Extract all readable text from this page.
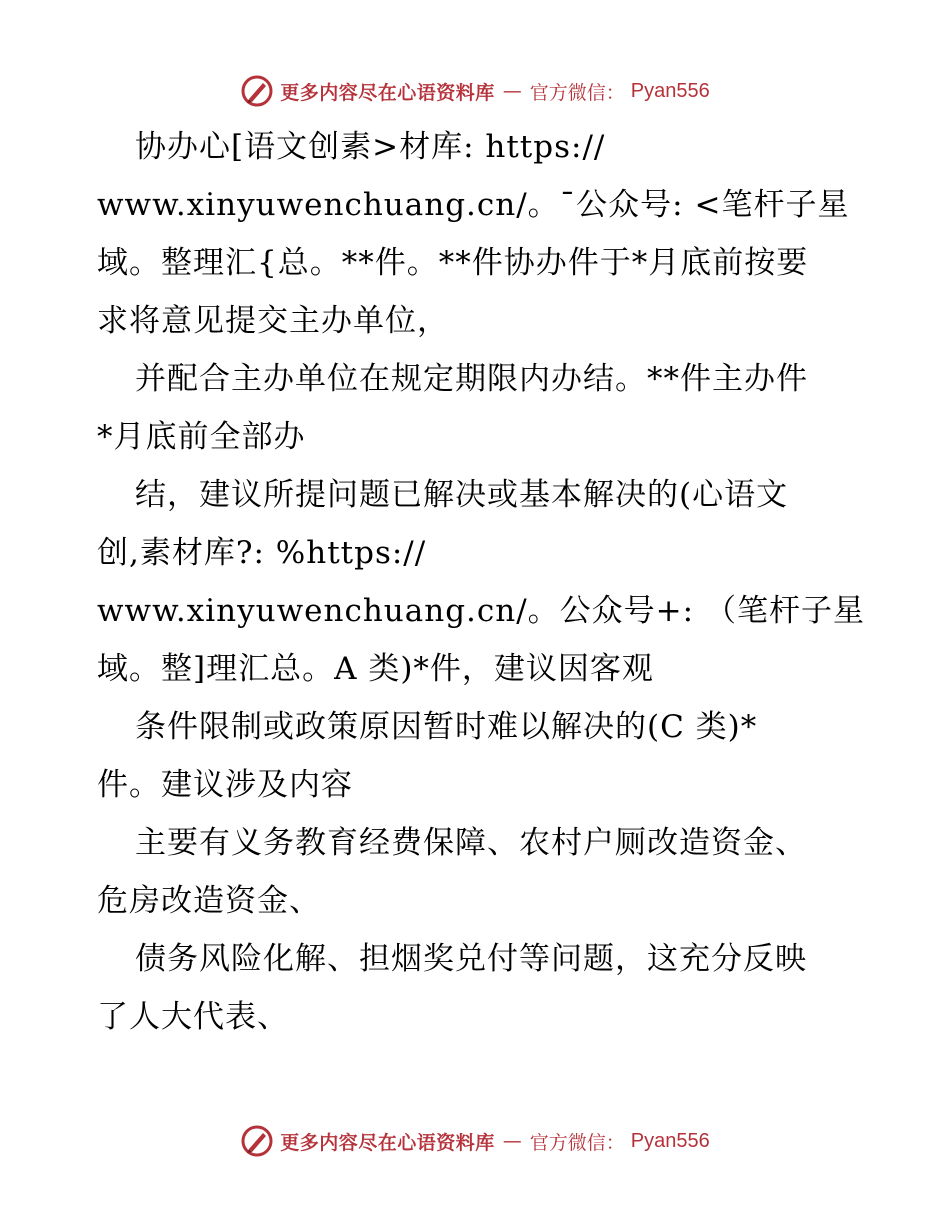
更多内容尽在心语资料库 — 官方微信： Pyan556
协办心[语文创素>材库: https://
www.xinyuwenchuang.cn/。¯公众号: <笔杆子星
域。整理汇{总。**件。**件协办件于*月底前按要
求将意见提交主办单位，
并配合主办单位在规定期限内办结。**件主办件
*月底前全部办
结，建议所提问题已解决或基本解决的(心语文
创,素材库?: %https://
www.xinyuwenchuang.cn/。公众号+: （笔杆子星
域。整]理汇总。A 类)*件，建议因客观
条件限制或政策原因暂时难以解决的(C 类)*
件。建议涉及内容
主要有义务教育经费保障、农村户厕改造资金、
危房改造资金、
债务风险化解、担烟奖兑付等问题，这充分反映
了人大代表、
更多内容尽在心语资料库 — 官方微信： Pyan556
